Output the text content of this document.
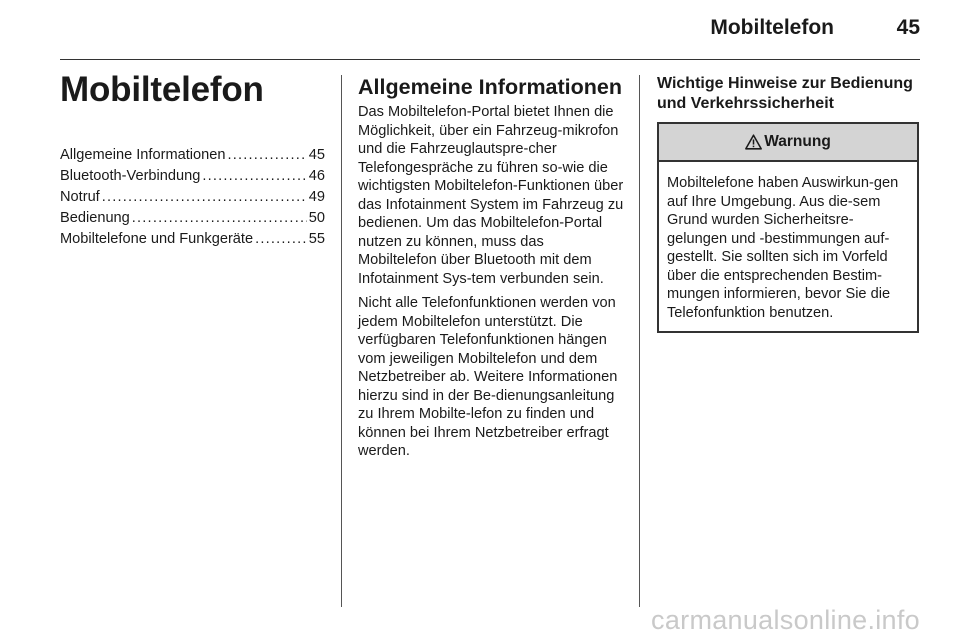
Mobiltelefon	45
Mobiltelefon
Allgemeine Informationen .....	45
Bluetooth-Verbindung .....	46
Notruf .....	49
Bedienung .....	50
Mobiltelefone und Funkgeräte .....	55
Allgemeine Informationen

Das Mobiltelefon-Portal bietet Ihnen die Möglichkeit, über ein Fahrzeug-mikrofon und die Fahrzeuglautspre-cher Telefongespräche zu führen so-wie die wichtigsten Mobiltelefon-Funktionen über das Infotainment System im Fahrzeug zu bedienen. Um das Mobiltelefon-Portal nutzen zu können, muss das Mobiltelefon über Bluetooth mit dem Infotainment Sys-tem verbunden sein.

Nicht alle Telefonfunktionen werden von jedem Mobiltelefon unterstützt. Die verfügbaren Telefonfunktionen hängen vom jeweiligen Mobiltelefon und dem Netzbetreiber ab. Weitere Informationen hierzu sind in der Be-dienungsanleitung zu Ihrem Mobilte-lefon zu finden und können bei Ihrem Netzbetreiber erfragt werden.

Wichtige Hinweise zur Bedienung und Verkehrssicherheit
Warnung
Mobiltelefone haben Auswirkun-gen auf Ihre Umgebung. Aus die-sem Grund wurden Sicherheitsre-gelungen und -bestimmungen auf-gestellt. Sie sollten sich im Vorfeld über die entsprechenden Bestim-mungen informieren, bevor Sie die Telefonfunktion benutzen.
carmanualsonline.info
